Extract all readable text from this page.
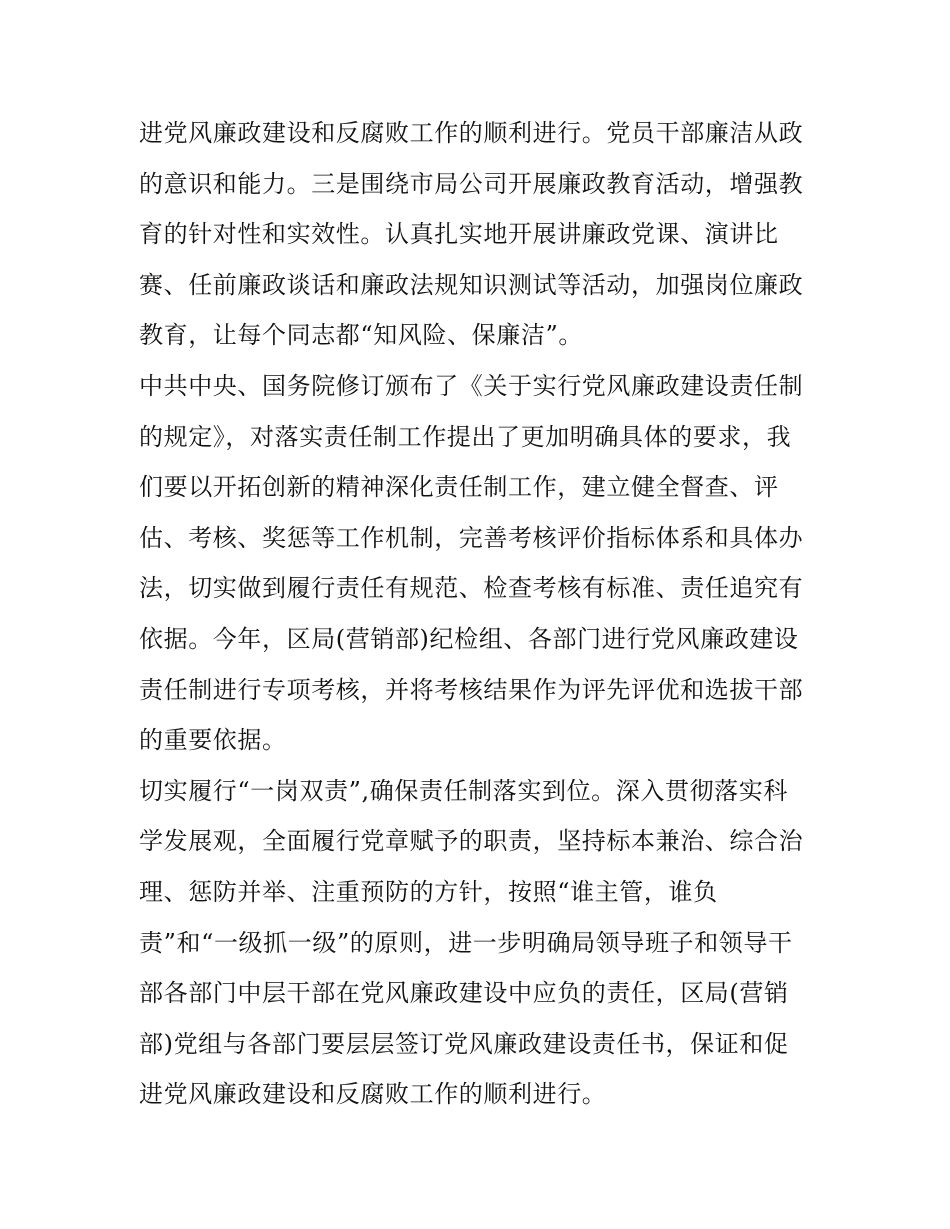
进党风廉政建设和反腐败工作的顺利进行。党员干部廉洁从政
的意识和能力。三是围绕市局公司开展廉政教育活动，增强教
育的针对性和实效性。认真扎实地开展讲廉政党课、演讲比
赛、任前廉政谈话和廉政法规知识测试等活动，加强岗位廉政
教育，让每个同志都“知风险、保廉洁”。
中共中央、国务院修订颁布了《关于实行党风廉政建设责任制
的规定》，对落实责任制工作提出了更加明确具体的要求，我
们要以开拓创新的精神深化责任制工作，建立健全督查、评
估、考核、奖惩等工作机制，完善考核评价指标体系和具体办
法，切实做到履行责任有规范、检查考核有标准、责任追究有
依据。今年，区局(营销部)纪检组、各部门进行党风廉政建设
责任制进行专项考核，并将考核结果作为评先评优和选拔干部
的重要依据。
切实履行“一岗双责”,确保责任制落实到位。深入贯彻落实科
学发展观，全面履行党章赋予的职责，坚持标本兼治、综合治
理、惩防并举、注重预防的方针，按照“谁主管，谁负
责”和“一级抓一级”的原则，进一步明确局领导班子和领导干
部各部门中层干部在党风廉政建设中应负的责任，区局(营销
部)党组与各部门要层层签订党风廉政建设责任书，保证和促
进党风廉政建设和反腐败工作的顺利进行。
